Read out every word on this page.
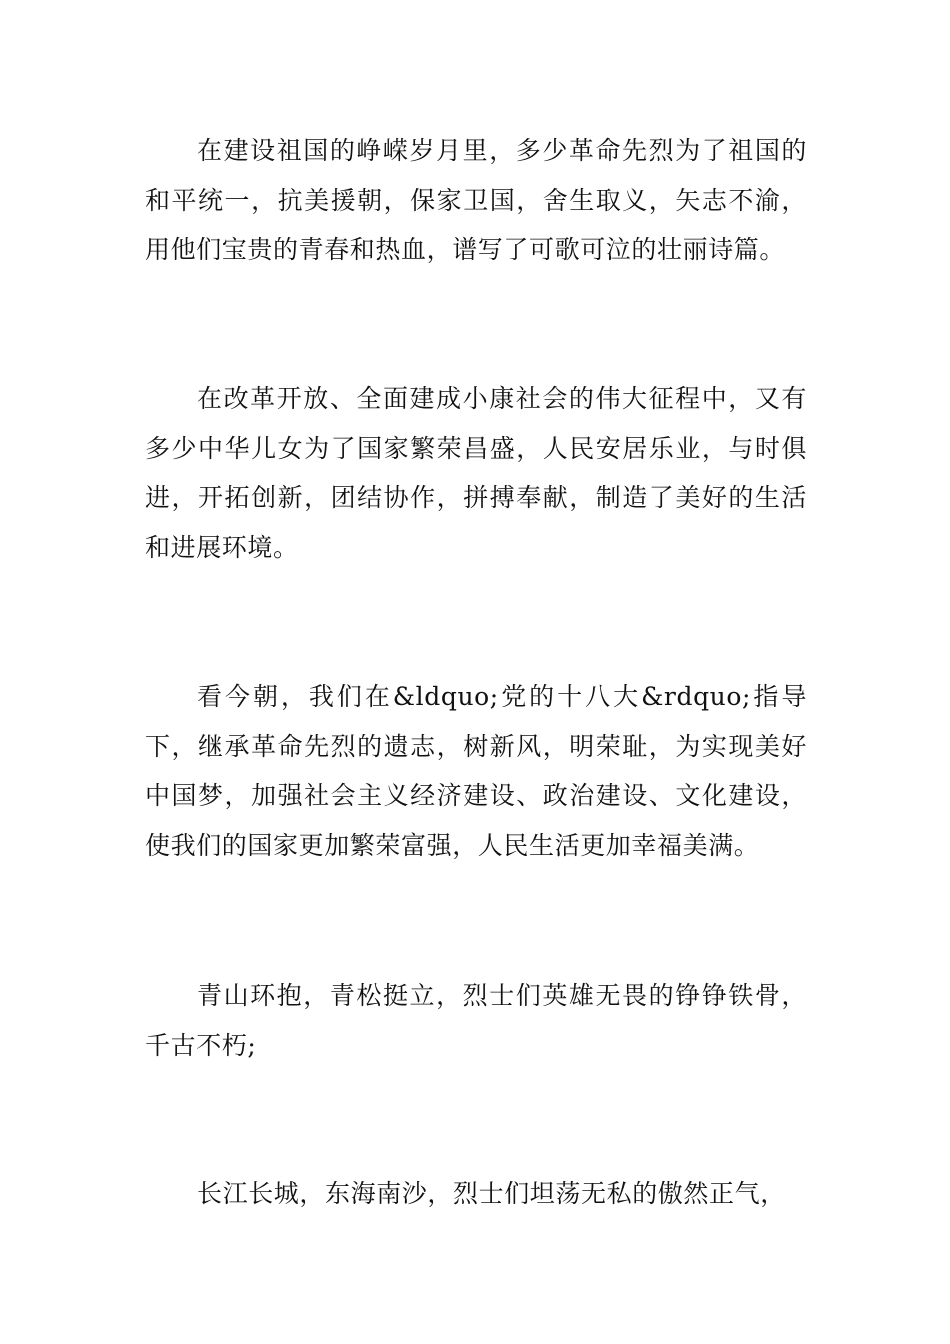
在建设祖国的峥嵘岁月里，多少革命先烈为了祖国的和平统一，抗美援朝，保家卫国，舍生取义，矢志不渝，用他们宝贵的青春和热血，谱写了可歌可泣的壮丽诗篇。

在改革开放、全面建成小康社会的伟大征程中，又有多少中华儿女为了国家繁荣昌盛，人民安居乐业，与时俱进，开拓创新，团结协作，拼搏奉献，制造了美好的生活和进展环境。

看今朝，我们在&ldquo;党的十八大&rdquo;指导下，继承革命先烈的遗志，树新风，明荣耻，为实现美好中国梦，加强社会主义经济建设、政治建设、文化建设，使我们的国家更加繁荣富强，人民生活更加幸福美满。

青山环抱，青松挺立，烈士们英雄无畏的铮铮铁骨，千古不朽;

长江长城，东海南沙，烈士们坦荡无私的傲然正气，
